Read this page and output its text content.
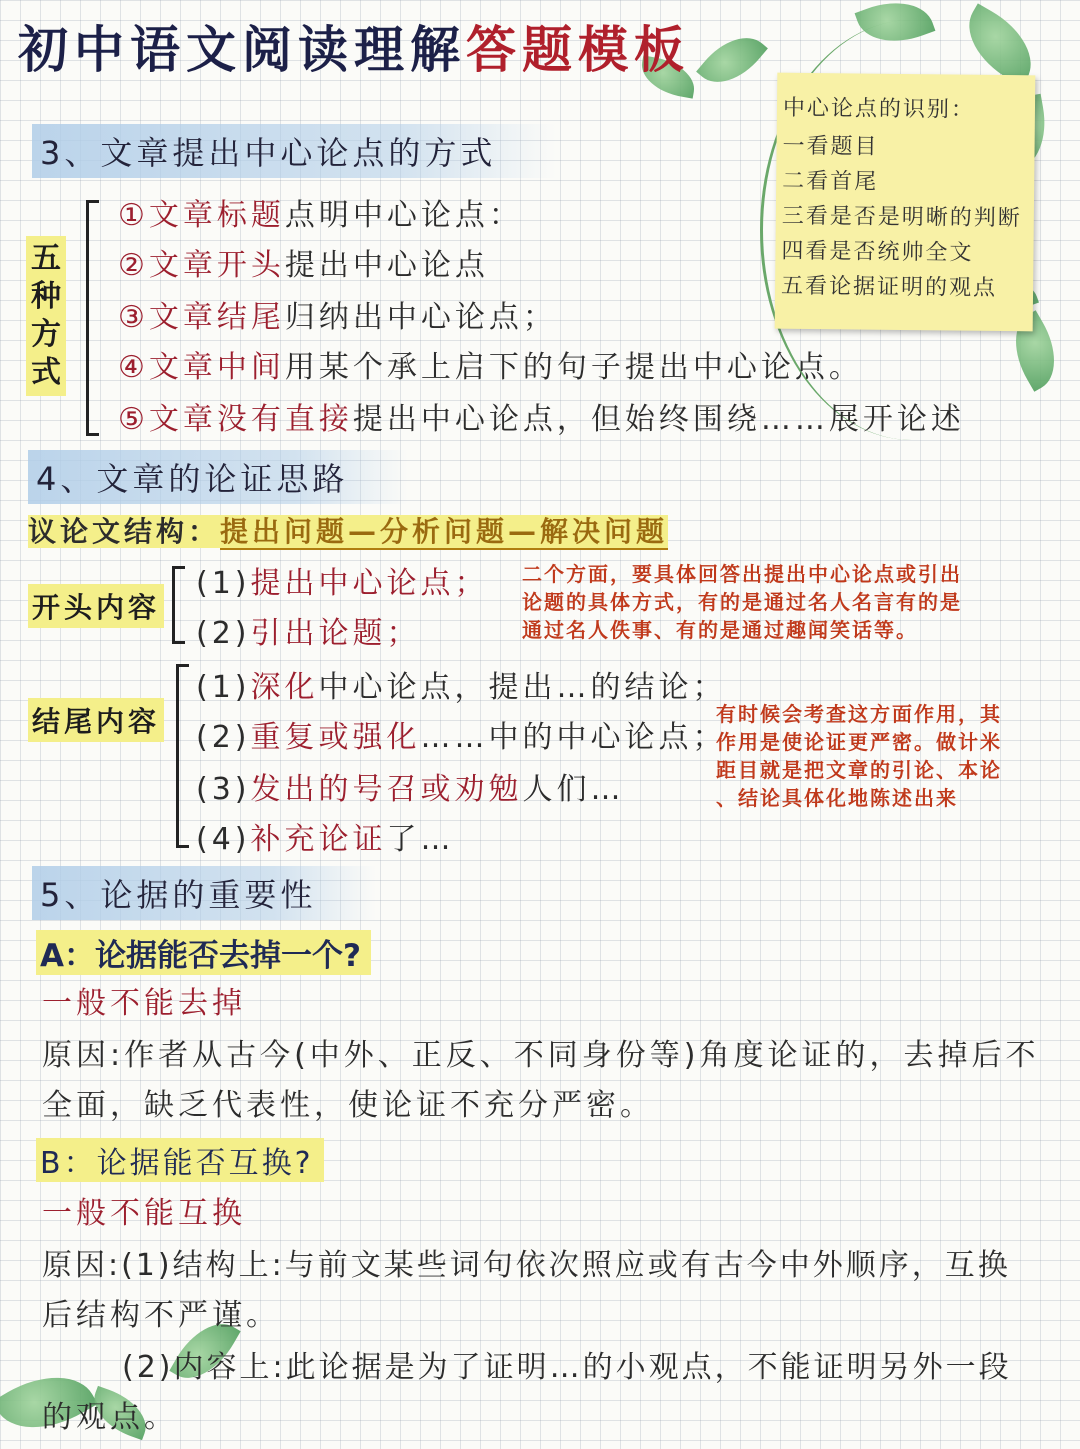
初中语文阅读理解答题模板
中心论点的识别：
一看题目
二看首尾
三看是否是明晰的判断
四看是否统帅全文
五看论据证明的观点
3、文章提出中心论点的方式
五种方式
①文章标题点明中心论点：
②文章开头提出中心论点
③文章结尾归纳出中心论点；
④文章中间用某个承上启下的句子提出中心论点。
⑤文章没有直接提出中心论点，但始终围绕……展开论述
4、文章的论证思路
议论文结构：提出问题—分析问题—解决问题
开头内容
(1)提出中心论点；
(2)引出论题；
二个方面，要具体回答出提出中心论点或引出
论题的具体方式，有的是通过名人名言有的是
通过名人佚事、有的是通过趣闻笑话等。
结尾内容
(1)深化中心论点，提出…的结论；
(2)重复或强化……中的中心论点；
(3)发出的号召或劝勉人们…
(4)补充论证了…
有时候会考查这方面作用，其
作用是使论证更严密。做计米
距目就是把文章的引论、本论
、结论具体化地陈述出来
5、论据的重要性
A：论据能否去掉一个?
一般不能去掉
原因:作者从古今(中外、正反、不同身份等)角度论证的，去掉后不
全面，缺乏代表性，使论证不充分严密。
B：论据能否互换?
一般不能互换
原因:(1)结构上:与前文某些词句依次照应或有古今中外顺序，互换
后结构不严谨。
(2)内容上:此论据是为了证明…的小观点，不能证明另外一段
的观点。
